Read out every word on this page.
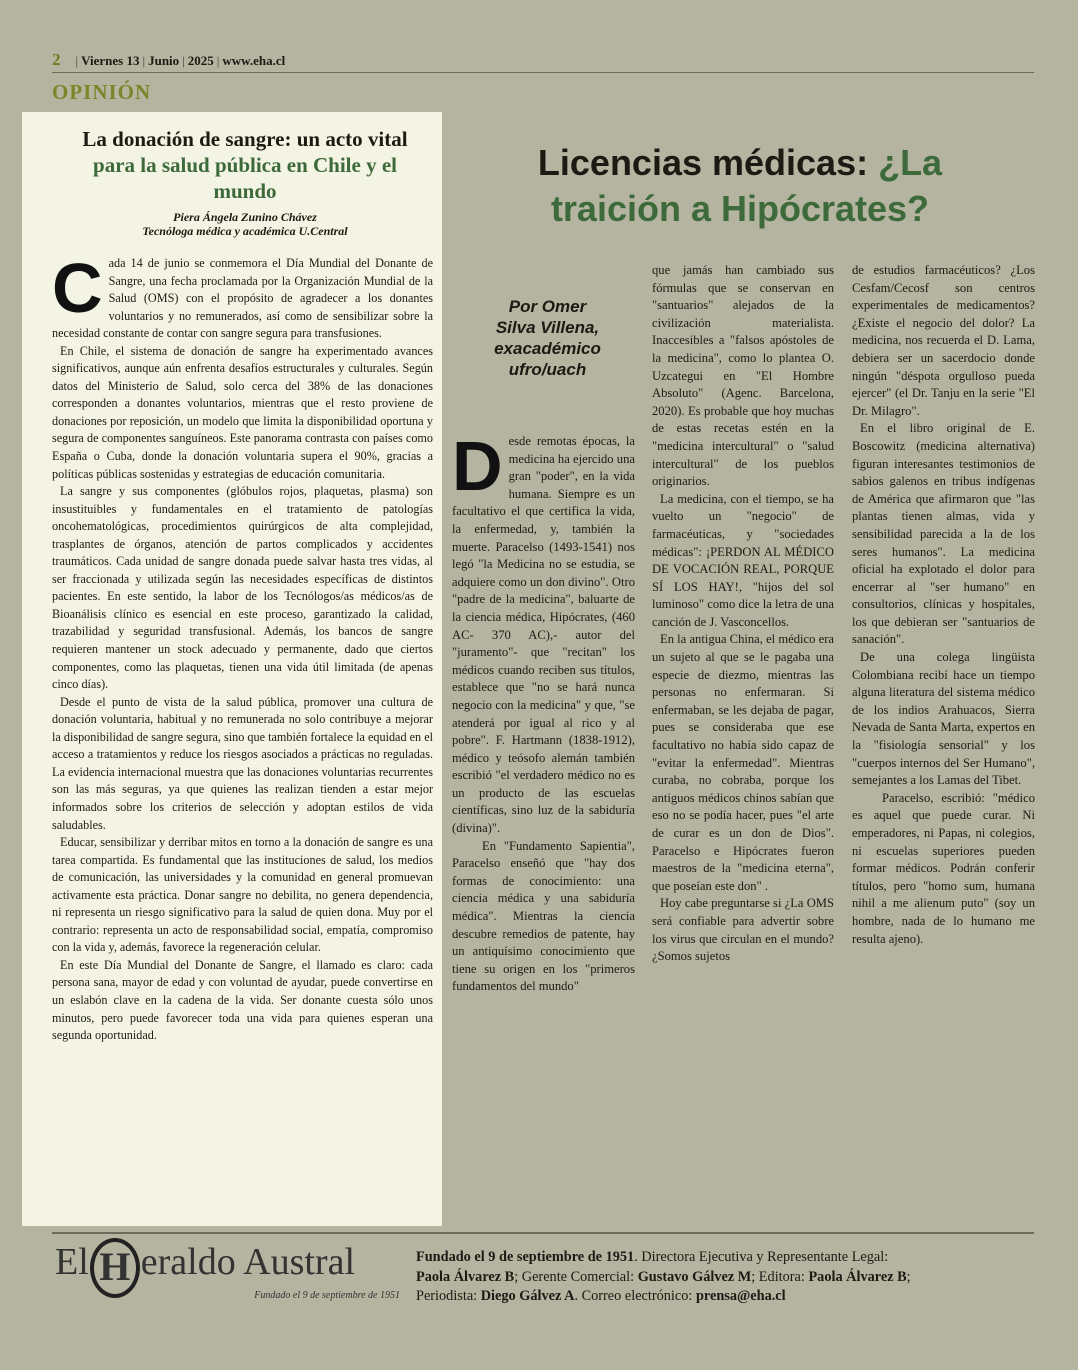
2 | Viernes 13 | Junio | 2025 | www.eha.cl
OPINIÓN
La donación de sangre: un acto vital para la salud pública en Chile y el mundo
Piera Ángela Zunino Chávez
Tecnóloga médica y académica U.Central

Cada 14 de junio se conmemora el Día Mundial del Donante de Sangre, una fecha proclamada por la Organización Mundial de la Salud (OMS) con el propósito de agradecer a los donantes voluntarios y no remunerados, así como de sensibilizar sobre la necesidad constante de contar con sangre segura para transfusiones.

En Chile, el sistema de donación de sangre ha experimentado avances significativos, aunque aún enfrenta desafíos estructurales y culturales. Según datos del Ministerio de Salud, solo cerca del 38% de las donaciones corresponden a donantes voluntarios, mientras que el resto proviene de donaciones por reposición, un modelo que limita la disponibilidad oportuna y segura de componentes sanguíneos. Este panorama contrasta con países como España o Cuba, donde la donación voluntaria supera el 90%, gracias a políticas públicas sostenidas y estrategias de educación comunitaria.

La sangre y sus componentes (glóbulos rojos, plaquetas, plasma) son insustituibles y fundamentales en el tratamiento de patologías oncohematológicas, procedimientos quirúrgicos de alta complejidad, trasplantes de órganos, atención de partos complicados y accidentes traumáticos. Cada unidad de sangre donada puede salvar hasta tres vidas, al ser fraccionada y utilizada según las necesidades específicas de distintos pacientes. En este sentido, la labor de los Tecnólogos/as médicos/as de Bioanálisis clínico es esencial en este proceso, garantizado la calidad, trazabilidad y seguridad transfusional. Además, los bancos de sangre requieren mantener un stock adecuado y permanente, dado que ciertos componentes, como las plaquetas, tienen una vida útil limitada (de apenas cinco días).

Desde el punto de vista de la salud pública, promover una cultura de donación voluntaria, habitual y no remunerada no solo contribuye a mejorar la disponibilidad de sangre segura, sino que también fortalece la equidad en el acceso a tratamientos y reduce los riesgos asociados a prácticas no reguladas. La evidencia internacional muestra que las donaciones voluntarias recurrentes son las más seguras, ya que quienes las realizan tienden a estar mejor informados sobre los criterios de selección y adoptan estilos de vida saludables.

Educar, sensibilizar y derribar mitos en torno a la donación de sangre es una tarea compartida. Es fundamental que las instituciones de salud, los medios de comunicación, las universidades y la comunidad en general promuevan activamente esta práctica. Donar sangre no debilita, no genera dependencia, ni representa un riesgo significativo para la salud de quien dona. Muy por el contrario: representa un acto de responsabilidad social, empatía, compromiso con la vida y, además, favorece la regeneración celular.

En este Día Mundial del Donante de Sangre, el llamado es claro: cada persona sana, mayor de edad y con voluntad de ayudar, puede convertirse en un eslabón clave en la cadena de la vida. Ser donante cuesta sólo unos minutos, pero puede favorecer toda una vida para quienes esperan una segunda oportunidad.

Licencias médicas: ¿La traición a Hipócrates?
Por Omer
Silva Villena,
exacadémico
ufro/uach

Desde remotas épocas, la medicina ha ejercido una gran "poder", en la vida humana. Siempre es un facultativo el que certifica la vida, la enfermedad, y, también la muerte. Paracelso (1493-1541) nos legó "la Medicina no se estudia, se adquiere como un don divino". Otro "padre de la medicina", baluarte de la ciencia médica, Hipócrates, (460 AC- 370 AC),- autor del "juramento"- que "recitan" los médicos cuando reciben sus títulos, establece que "no se hará nunca negocio con la medicina" y que, "se atenderá por igual al rico y al pobre". F. Hartmann (1838-1912), médico y teósofo alemán también escribió "el verdadero médico no es un producto de las escuelas científicas, sino luz de la sabiduría (divina)".

En "Fundamento Sapientia", Paracelso enseñó que "hay dos formas de conocimiento: una ciencia médica y una sabiduría médica". Mientras la ciencia descubre remedios de patente, hay un antiquísimo conocimiento que tiene su origen en los "primeros fundamentos del mundo"

que jamás han cambiado sus fórmulas que se conservan en "santuarios" alejados de la civilización materialista. Inaccesibles a "falsos apóstoles de la medicina", como lo plantea O. Uzcategui en "El Hombre Absoluto" (Agenc. Barcelona, 2020). Es probable que hoy muchas de estas recetas estén en la "medicina intercultural" o "salud intercultural" de los pueblos originarios.

La medicina, con el tiempo, se ha vuelto un "negocio" de farmacéuticas, y "sociedades médicas": ¡PERDON AL MÉDICO DE VOCACIÓN REAL, PORQUE SÍ LOS HAY!, "hijos del sol luminoso" como dice la letra de una canción de J. Vasconcellos.

En la antigua China, el médico era un sujeto al que se le pagaba una especie de diezmo, mientras las personas no enfermaran. Si enfermaban, se les dejaba de pagar, pues se consideraba que ese facultativo no había sido capaz de "evitar la enfermedad". Mientras curaba, no cobraba, porque los antiguos médicos chinos sabían que eso no se podía hacer, pues "el arte de curar es un don de Dios". Paracelso e Hipócrates fueron maestros de la "medicina eterna", que poseían este don" .

Hoy cabe preguntarse si ¿La OMS será confiable para advertir sobre los virus que circulan en el mundo? ¿Somos sujetos

de estudios farmacéuticos? ¿Los Cesfam/Cecosf son centros experimentales de medicamentos? ¿Existe el negocio del dolor? La medicina, nos recuerda el D. Lama, debiera ser un sacerdocio donde ningún "déspota orgulloso pueda ejercer" (el Dr. Tanju en la serie "El Dr. Milagro".

En el libro original de E. Boscowitz (medicina alternativa) figuran interesantes testimonios de sabios galenos en tribus indígenas de América que afirmaron que "las plantas tienen almas, vida y sensibilidad parecida a la de los seres humanos". La medicina oficial ha explotado el dolor para encerrar al "ser humano" en consultorios, clínicas y hospitales, los que debieran ser "santuarios de sanación".

De una colega lingüista Colombiana recibí hace un tiempo alguna literatura del sistema médico de los indios Arahuacos, Sierra Nevada de Santa Marta, expertos en la "fisiología sensorial" y los "cuerpos internos del Ser Humano", semejantes a los Lamas del Tibet.

Paracelso, escribió: "médico es aquel que puede curar. Ni emperadores, ni Papas, ni colegios, ni escuelas superiores pueden formar médicos. Podrán conferir títulos, pero "homo sum, humana nihil a me alienum puto" (soy un hombre, nada de lo humano me resulta ajeno).

El H eraldo Austral
Fundado el 9 de septiembre de 1951
Fundado el 9 de septiembre de 1951. Directora Ejecutiva y Representante Legal:
Paola Álvarez B; Gerente Comercial: Gustavo Gálvez M; Editora: Paola Álvarez B;
Periodista: Diego Gálvez A. Correo electrónico: prensa@eha.cl
